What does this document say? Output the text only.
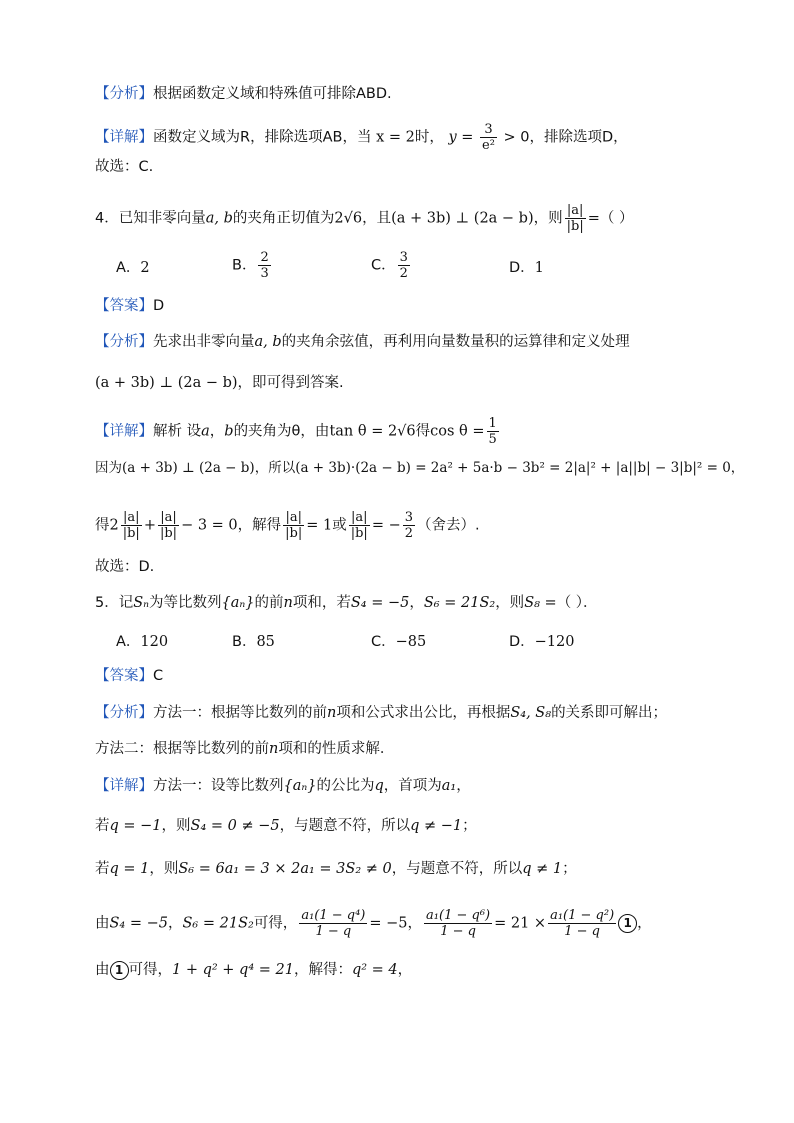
【分析】根据函数定义域和特殊值可排除ABD.
【详解】函数定义域为R，排除选项AB，当 x = 2时， $y = \frac{3}{\text{e²}} > 0$，排除选项D，
故选：C.
4．已知非零向量a, b的夹角正切值为2√6，且(a + 3b) ⊥ (2a − b)，则 $\frac{|a|}{|b|}$ =（ ）
A．2	B． $\frac{2}{3}$	C． $\frac{3}{2}$	D．1
【答案】D
【分析】先求出非零向量a, b的夹角余弦值，再利用向量数量积的运算律和定义处理
(a + 3b) ⊥ (2a − b)，即可得到答案.
【详解】解析 设a，b的夹角为θ，由tan θ = 2√6得$\cos \theta = \frac{1}{5}$
因为(a + 3b) ⊥ (2a − b)，所以(a + 3b)·(2a − b) = 2a² + 5a·b − 3b² = 2|a|² + |a||b| − 3|b|² = 0，
得$2 \frac{|a|}{|b|} + \frac{|a|}{|b|} - 3 = 0$，解得 $\frac{|a|}{|b|} = 1$或 $\frac{|a|}{|b|}$ = − $\frac{3}{2}$ （舍去）.
故选：D.
5．记Sₙ为等比数列{aₙ}的前n项和，若S₄ = −5，S₆ = 21S₂，则S₈ =（ ）．
A．120	B．85	C．−85	D．−120
【答案】C
【分析】方法一：根据等比数列的前n项和公式求出公比，再根据S₄, S₈的关系即可解出；
方法二：根据等比数列的前n项和的性质求解．
【详解】方法一：设等比数列{aₙ}的公比为q，首项为a₁，
若q = −1，则S₄ = 0 ≠ −5，与题意不符，所以q ≠ −1；
若q = 1，则S₆ = 6a₁ = 3 × 2a₁ = 3S₂ ≠ 0，与题意不符，所以q ≠ 1；
由S₄ = −5，S₆ = 21S₂可得， $\frac{\text{a₁(1 − q⁴)}}{1 - q} = -5$， $\frac{\text{a₁(1 − q⁶)}}{1 - q} = 21 \times \frac{\text{a₁(1 − q²)}}{1 - q} 1$ ，
由 1 可得，1 + q² + q⁴ = 21，解得：q² = 4，
